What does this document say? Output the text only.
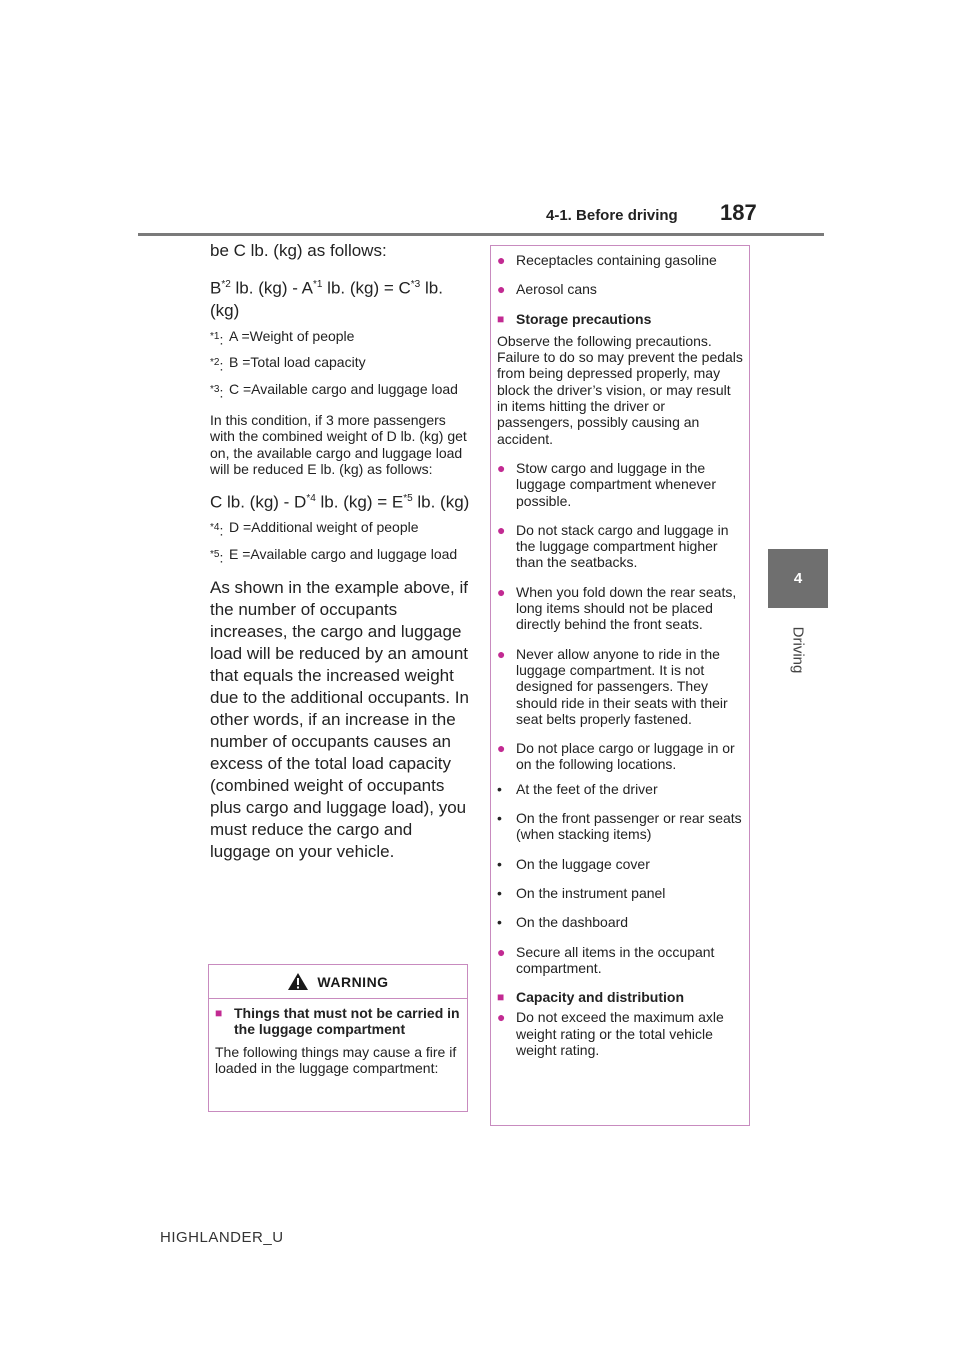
4-1. Before driving 187
4
Driving

be C lb. (kg) as follows:

$B^{*2}$ lb. $(kg) - A^{*1}$ lb. $(kg) = C^{*3}$ lb. (kg)

$^{*1}$: A =Weight of people
$^{*2}$: B =Total load capacity
$^{*3}$: C =Available cargo and luggage load

In this condition, if 3 more passengers with the combined weight of D lb. (kg) get on, the available cargo and luggage load will be reduced E lb. (kg) as follows:

C lb. $(kg) - D^{*4}$ lb. $(kg) = E^{*5}$ lb. (kg)

$^{*4}$: D =Additional weight of people
$^{*5}$: E =Available cargo and luggage load

As shown in the example above, if the number of occupants increases, the cargo and luggage load will be reduced by an amount that equals the increased weight due to the additional occupants. In other words, if an increase in the number of occupants causes an excess of the total load capacity (combined weight of occupants plus cargo and luggage load), you must reduce the cargo and luggage on your vehicle.

WARNING
■ Things that must not be carried in the luggage compartment

The following things may cause a fire if loaded in the luggage compartment:

● Receptacles containing gasoline
● Aerosol cans
■ Storage precautions

Observe the following precautions.

Failure to do so may prevent the pedals from being depressed properly, may block the driver’s vision, or may result in items hitting the driver or passengers, possibly causing an accident.

● Stow cargo and luggage in the luggage compartment whenever possible.
● Do not stack cargo and luggage in the luggage compartment higher than the seatbacks.
● When you fold down the rear seats, long items should not be placed directly behind the front seats.
● Never allow anyone to ride in the luggage compartment. It is not designed for passengers. They should ride in their seats with their seat belts properly fastened.
● Do not place cargo or luggage in or on the following locations.
•	At the feet of the driver
•	On the front passenger or rear seats (when stacking items)
•	On the luggage cover
•	On the instrument panel
•	On the dashboard
● Secure all items in the occupant compartment.
■ Capacity and distribution
● Do not exceed the maximum axle weight rating or the total vehicle weight rating.
HIGHLANDER_U
